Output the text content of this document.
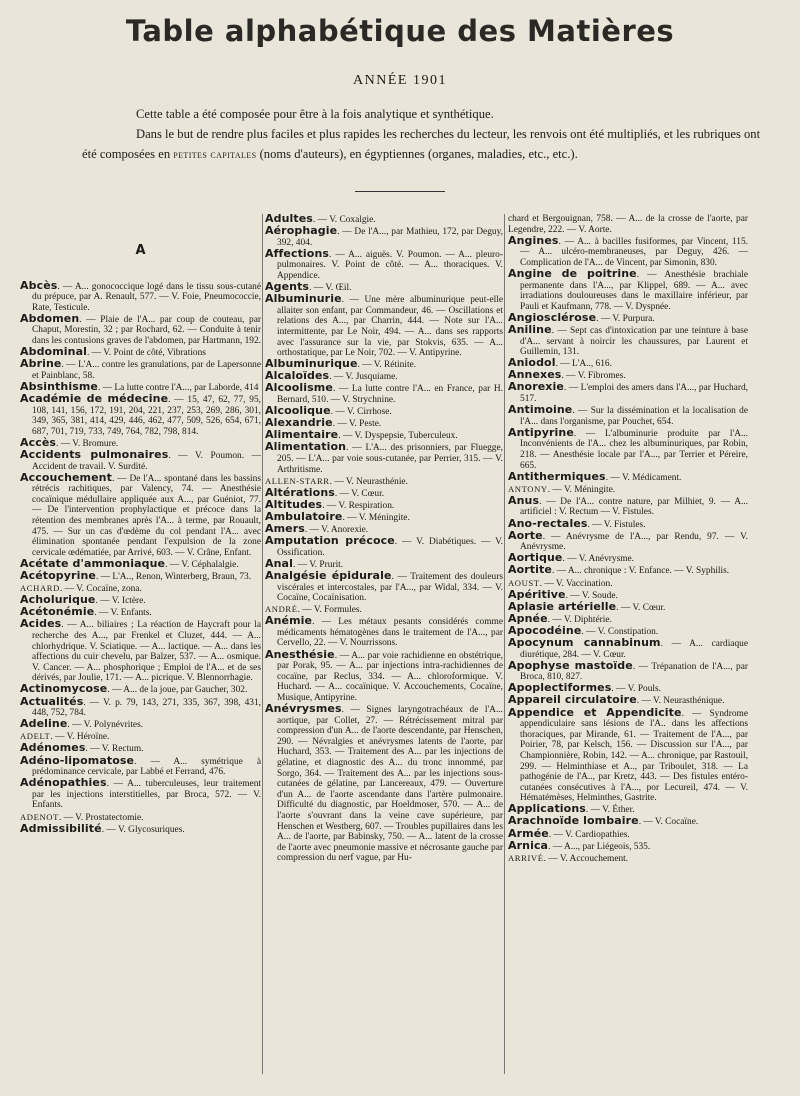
Table alphabétique des Matières
ANNÉE 1901

Cette table a été composée pour être à la fois analytique et synthétique.

Dans le but de rendre plus faciles et plus rapides les recherches du lecteur, les renvois ont été multipliés, et les rubriques ont été composées en petites capitales (noms d'auteurs), en égyptiennes (organes, maladies, etc., etc.).

A
Abcès. — A... gonococcique logé dans le tissu sous-cutané du prépuce, par A. Renault, 577. — V. Foie, Pneumococcie, Rate, Testicule.
Abdomen. — Plaie de l'A... par coup de couteau, par Chaput, Morestin, 32 ; par Rochard, 62. — Conduite à tenir dans les contusions graves de l'abdomen, par Hartmann, 192.
Abdominal. — V. Point de côté, Vibrations
Abrine. — L'A... contre les granulations, par de Lapersonne et Painblanc, 58.
Absinthisme. — La lutte contre l'A..., par Laborde, 414
Académie de médecine. — 15, 47, 62, 77, 95, 108, 141, 156, 172, 191, 204, 221, 237, 253, 269, 286, 301, 349, 365, 381, 414, 429, 446, 462, 477, 509, 526, 654, 671, 687, 701, 719, 733, 749, 764, 782, 798, 814.
Accès. — V. Bromure.
Accidents pulmonaires. — V. Poumon. — Accident de travail. V. Surdité.
Accouchement. — De l'A... spontané dans les bassins rétrécis rachitiques, par Valency, 74. — Anesthésie cocaïnique médullaire appliquée aux A..., par Guéniot, 77. — De l'intervention prophylactique et précoce dans la rétention des membranes après l'A... à terme, par Rouault, 475. — Sur un cas d'œdème du col pendant l'A... avec élimination spontanée pendant l'expulsion de la zone cervicale œdématiée, par Arrivé, 603. — V. Crâne, Enfant.
Acétate d'ammoniaque. — V. Céphalalgie.
Acétopyrine. — L'A.., Renon, Winterberg, Braun, 73.
ACHARD. — V. Cocaïne, zona.
Acholurique. — V. Ictère.
Acétonémie. — V. Enfants.
Acides. — A... biliaires ; La réaction de Haycraft pour la recherche des A..., par Frenkel et Cluzet, 444. — A... chlorhydrique. V. Sciatique. — A... lactique. — A... dans les affections du cuir chevelu, par Balzer, 537. — A... osmique. V. Cancer. — A... phosphorique ; Emploi de l'A... et de ses dérivés, par Joulie, 171. — A... picrique. V. Blennorrhagie.
Actinomycose. — A... de la joue, par Gaucher, 302.
Actualités. — V. p. 79, 143, 271, 335, 367, 398, 431, 448, 752, 784.
Adeline. — V. Polynévrites.
ADELT. — V. Héroïne.
Adénomes. — V. Rectum.
Adéno-lipomatose. — A... symétrique à prédominance cervicale, par Labbé et Ferrand, 476.
Adénopathies. — A... tuberculeuses, leur traitement par les injections interstitielles, par Broca, 572. — V. Enfants.
ADENOT. — V. Prostatectomie.
Admissibilité. — V. Glycosuriques.
Adultes. — V. Coxalgie.
Aérophagie. — De l'A..., par Mathieu, 172, par Deguy, 392, 404.
Affections. — A... aiguës. V. Poumon. — A... pleuro-pulmonaires. V. Point de côté. — A... thoraciques. V. Appendice.
Agents. — V. Œil.
Albuminurie. — Une mère albuminurique peut-elle allaiter son enfant, par Commandeur, 46. — Oscillations et relations des A..., par Charrin, 444. — Note sur l'A... intermittente, par Le Noir, 494. — A... dans ses rapports avec l'assurance sur la vie, par Stokvis, 635. — A... orthostatique, par Le Noir, 702. — V. Antipyrine.
Albuminurique. — V. Rétinite.
Alcaloïdes. — V. Jusquiame.
Alcoolisme. — La lutte contre l'A... en France, par H. Bernard, 510. — V. Strychnine.
Alcoolique. — V. Cirrhose.
Alexandrie. — V. Peste.
Alimentaire. — V. Dyspepsie, Tuberculeux.
Alimentation. — L'A... des prisonniers, par Fluegge, 205. — L'A... par voie sous-cutanée, par Perrier, 315. — V. Arthritisme.
ALLEN-STARR. — V. Neurasthénie.
Altérations. — V. Cœur.
Altitudes. — V. Respiration.
Ambulatoire. — V. Méningite.
Amers. — V. Anorexie.
Amputation précoce. — V. Diabétiques. — V. Ossification.
Anal. — V. Prurit.
Analgésie épidurale. — Traitement des douleurs viscérales et intercostales, par l'A..., par Widal, 334. — V. Cocaïne, Cocaïnisation.
ANDRÉ. — V. Formules.
Anémie. — Les métaux pesants considérés comme médicaments hématogènes dans le traitement de l'A..., par Cervello, 22. — V. Nourrissons.
Anesthésie. — A... par voie rachidienne en obstétrique, par Porak, 95. — A... par injections intra-rachidiennes de cocaïne, par Reclus, 334. — A... chloroformique. V. Huchard. — A... cocaïnique. V. Accouchements, Cocaïne, Musique, Antipyrine.
Anévrysmes. — Signes laryngotrachéaux de l'A... aortique, par Collet, 27. — Rétrécissement mitral par compression d'un A... de l'aorte descendante, par Henschen, 290. — Névralgies et anévrysmes latents de l'aorte, par Huchard, 353. — Traitement des A... par les injections de gélatine, et diagnostic des A... du tronc innommé, par Sorgo, 364. — Traitement des A... par les injections sous-cutanées de gélatine, par Lancereaux, 479. — Ouverture d'un A... de l'aorte ascendante dans l'artère pulmonaire. Difficulté du diagnostic, par Hoeldmoser, 570. — A... de l'aorte s'ouvrant dans la veine cave supérieure, par Henschen et Westberg, 607. — Troubles pupillaires dans les A... de l'aorte, par Babinsky, 750. — A... latent de la crosse de l'aorte avec pneumonie massive et nécrosante gauche par compression du nerf vague, par Hu-
chard et Bergouignan, 758. — A... de la crosse de l'aorte, par Legendre, 222. — V. Aorte.
Angines. — A... à bacilles fusiformes, par Vincent, 115. — A... ulcéro-membraneuses, par Deguy, 426. — Complication de l'A... de Vincent, par Simonin, 830.
Angine de poitrine. — Anesthésie brachiale permanente dans l'A..., par Klippel, 689. — A... avec irradiations douloureuses dans le maxillaire inférieur, par Pauli et Kaufmann, 778. — V. Dyspnée.
Angiosclérose. — V. Purpura.
Aniline. — Sept cas d'intoxication par une teinture à base d'A... servant à noircir les chaussures, par Laurent et Guillemin, 131.
Aniodol. — L'A.., 616.
Annexes. — V. Fibromes.
Anorexie. — L'emploi des amers dans l'A..., par Huchard, 517.
Antimoine. — Sur la dissémination et la localisation de l'A... dans l'organisme, par Pouchet, 654.
Antipyrine. — L'albuminurie produite par l'A... Inconvénients de l'A... chez les albuminuriques, par Robin, 218. — Anesthésie locale par l'A..., par Terrier et Péreire, 665.
Antithermiques. — V. Médicament.
ANTONY. — V. Méningite.
Anus. — De l'A... contre nature, par Milhiet, 9. — A... artificiel : V. Rectum — V. Fistules.
Ano-rectales. — V. Fistules.
Aorte. — Anévrysme de l'A..., par Rendu, 97. — V. Anévrysme.
Aortique. — V. Anévrysme.
Aortite. — A... chronique : V. Enfance. — V. Syphilis.
AOUST. — V. Vaccination.
Apéritive. — V. Soude.
Aplasie artérielle. — V. Cœur.
Apnée. — V. Diphtérie.
Apocodéine. — V. Constipation.
Apocynum cannabinum. — A... cardiaque diurétique, 284. — V. Cœur.
Apophyse mastoïde. — Trépanation de l'A..., par Broca, 810, 827.
Apoplectiformes. — V. Pouls.
Appareil circulatoire. — V. Neurasthénique.
Appendice et Appendicite. — Syndrome appendiculaire sans lésions de l'A.. dans les affections thoraciques, par Mirande, 61. — Traitement de l'A..., par Poirier, 78, par Kelsch, 156. — Discussion sur l'A..., par Championnière, Robin, 142. — A... chronique, par Rastouil, 299. — Helminthiase et A.., par Triboulet, 318. — La pathogénie de l'A.., par Kretz, 443. — Des fistules entéro-cutanées consécutives à l'A..., por Lecureil, 474. — V. Hématémèses, Helminthes, Gastrite.
Applications. — V. Éther.
Arachnoïde lombaire. — V. Cocaïne.
Armée. — V. Cardiopathies.
Arnica. — A..., par Liégeois, 535.
ARRIVÉ. — V. Accouchement.
